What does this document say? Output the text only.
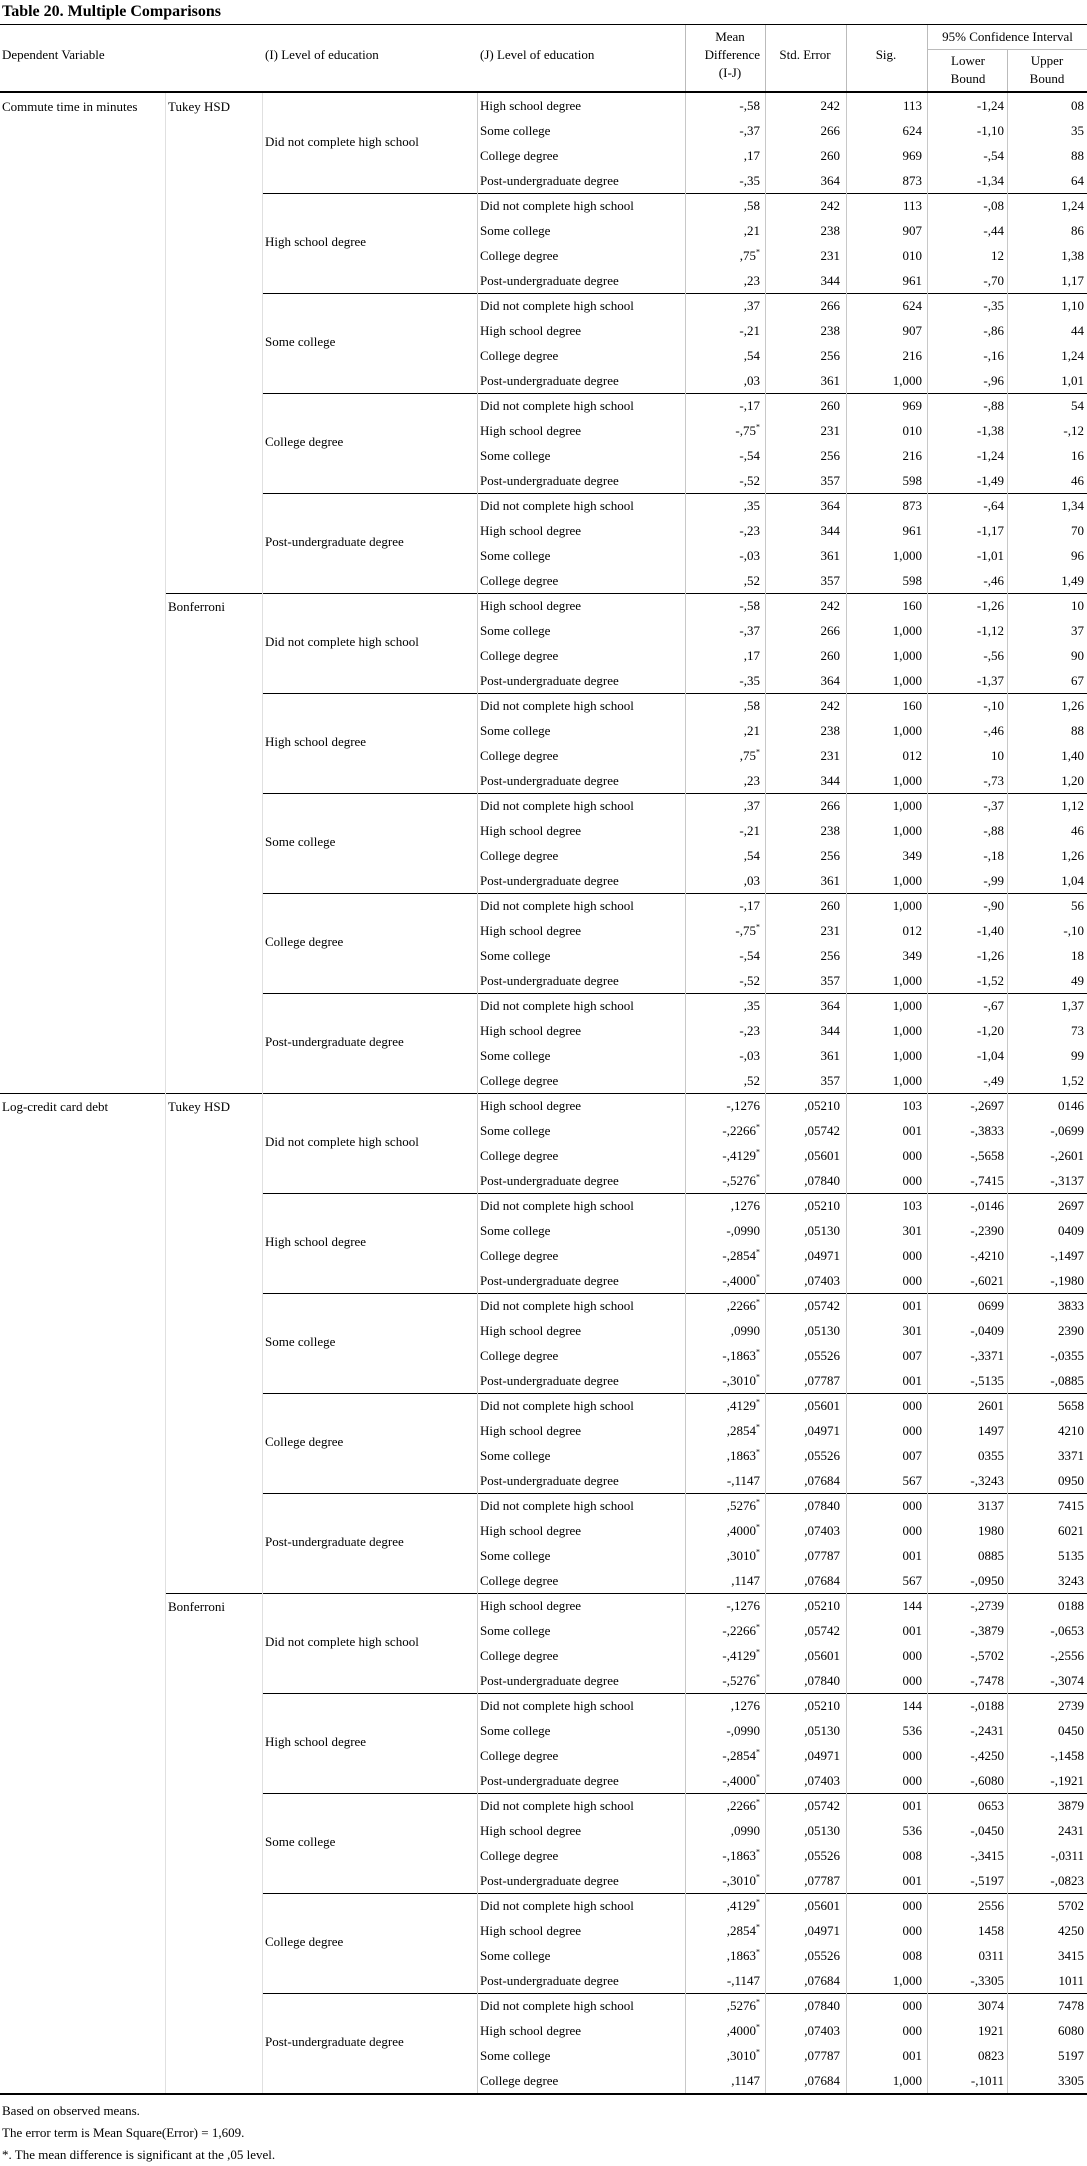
Table 20. Multiple Comparisons
Dependent Variable	(I) Level of education	(J) Level of education
Mean
Difference
(I-J)
Std. Error	Sig.
95% Confidence Interval
Lower
Bound
Upper
Bound
Commute time in minutes Tukey HSD
Did not complete high school
High school degree	-,58	242	113	-1,24	08
Some college	-,37	266	624	-1,10	35
College degree	,17	260	969	-,54	88
Post-undergraduate degree	-,35	364	873	-1,34	64
High school degree
Did not complete high school	,58	242	113	-,08	1,24
Some college	,21	238	907	-,44	86
College degree	,75*	231	010	12	1,38
Post-undergraduate degree	,23	344	961	-,70	1,17
Some college
Did not complete high school	,37	266	624	-,35	1,10
High school degree	-,21	238	907	-,86	44
College degree	,54	256	216	-,16	1,24
Post-undergraduate degree	,03	361	1,000	-,96	1,01
College degree
Did not complete high school	-,17	260	969	-,88	54
High school degree	-,75*	231	010	-1,38	-,12
Some college	-,54	256	216	-1,24	16
Post-undergraduate degree	-,52	357	598	-1,49	46
Post-undergraduate degree
Did not complete high school	,35	364	873	-,64	1,34
High school degree	-,23	344	961	-1,17	70
Some college	-,03	361	1,000	-1,01	96
College degree	,52	357	598	-,46	1,49
Bonferroni
Did not complete high school
High school degree	-,58	242	160	-1,26	10
Some college	-,37	266	1,000	-1,12	37
College degree	,17	260	1,000	-,56	90
Post-undergraduate degree	-,35	364	1,000	-1,37	67
High school degree
Did not complete high school	,58	242	160	-,10	1,26
Some college	,21	238	1,000	-,46	88
College degree	,75*	231	012	10	1,40
Post-undergraduate degree	,23	344	1,000	-,73	1,20
Some college
Did not complete high school	,37	266	1,000	-,37	1,12
High school degree	-,21	238	1,000	-,88	46
College degree	,54	256	349	-,18	1,26
Post-undergraduate degree	,03	361	1,000	-,99	1,04
College degree
Did not complete high school	-,17	260	1,000	-,90	56
High school degree	-,75*	231	012	-1,40	-,10
Some college	-,54	256	349	-1,26	18
Post-undergraduate degree	-,52	357	1,000	-1,52	49
Post-undergraduate degree
Did not complete high school	,35	364	1,000	-,67	1,37
High school degree	-,23	344	1,000	-1,20	73
Some college	-,03	361	1,000	-1,04	99
College degree	,52	357	1,000	-,49	1,52
Log-credit card debt	Tukey HSD
Did not complete high school
High school degree	-,1276	,05210	103	-,2697	0146
Some college	-,2266*	,05742	001	-,3833	-,0699
College degree	-,4129*	,05601	000	-,5658	-,2601
Post-undergraduate degree	-,5276*	,07840	000	-,7415	-,3137
High school degree
Did not complete high school	,1276	,05210	103	-,0146	2697
Some college	-,0990	,05130	301	-,2390	0409
College degree	-,2854*	,04971	000	-,4210	-,1497
Post-undergraduate degree	-,4000*	,07403	000	-,6021	-,1980
Some college
Did not complete high school	,2266*	,05742	001	0699	3833
High school degree	,0990	,05130	301	-,0409	2390
College degree	-,1863*	,05526	007	-,3371	-,0355
Post-undergraduate degree	-,3010*	,07787	001	-,5135	-,0885
College degree
Did not complete high school	,4129*	,05601	000	2601	5658
High school degree	,2854*	,04971	000	1497	4210
Some college	,1863*	,05526	007	0355	3371
Post-undergraduate degree	-,1147	,07684	567	-,3243	0950
Post-undergraduate degree
Did not complete high school	,5276*	,07840	000	3137	7415
High school degree	,4000*	,07403	000	1980	6021
Some college	,3010*	,07787	001	0885	5135
College degree	,1147	,07684	567	-,0950	3243
Bonferroni
Did not complete high school
High school degree	-,1276	,05210	144	-,2739	0188
Some college	-,2266*	,05742	001	-,3879	-,0653
College degree	-,4129*	,05601	000	-,5702	-,2556
Post-undergraduate degree	-,5276*	,07840	000	-,7478	-,3074
High school degree
Did not complete high school	,1276	,05210	144	-,0188	2739
Some college	-,0990	,05130	536	-,2431	0450
College degree	-,2854*	,04971	000	-,4250	-,1458
Post-undergraduate degree	-,4000*	,07403	000	-,6080	-,1921
Some college
Did not complete high school	,2266*	,05742	001	0653	3879
High school degree	,0990	,05130	536	-,0450	2431
College degree	-,1863*	,05526	008	-,3415	-,0311
Post-undergraduate degree	-,3010*	,07787	001	-,5197	-,0823
College degree
Did not complete high school	,4129*	,05601	000	2556	5702
High school degree	,2854*	,04971	000	1458	4250
Some college	,1863*	,05526	008	0311	3415
Post-undergraduate degree	-,1147	,07684	1,000	-,3305	1011
Post-undergraduate degree
Did not complete high school	,5276*	,07840	000	3074	7478
High school degree	,4000*	,07403	000	1921	6080
Some college	,3010*	,07787	001	0823	5197
College degree	,1147	,07684	1,000	-,1011	3305
Based on observed means.
The error term is Mean Square(Error) = 1,609.
*. The mean difference is significant at the ,05 level.
